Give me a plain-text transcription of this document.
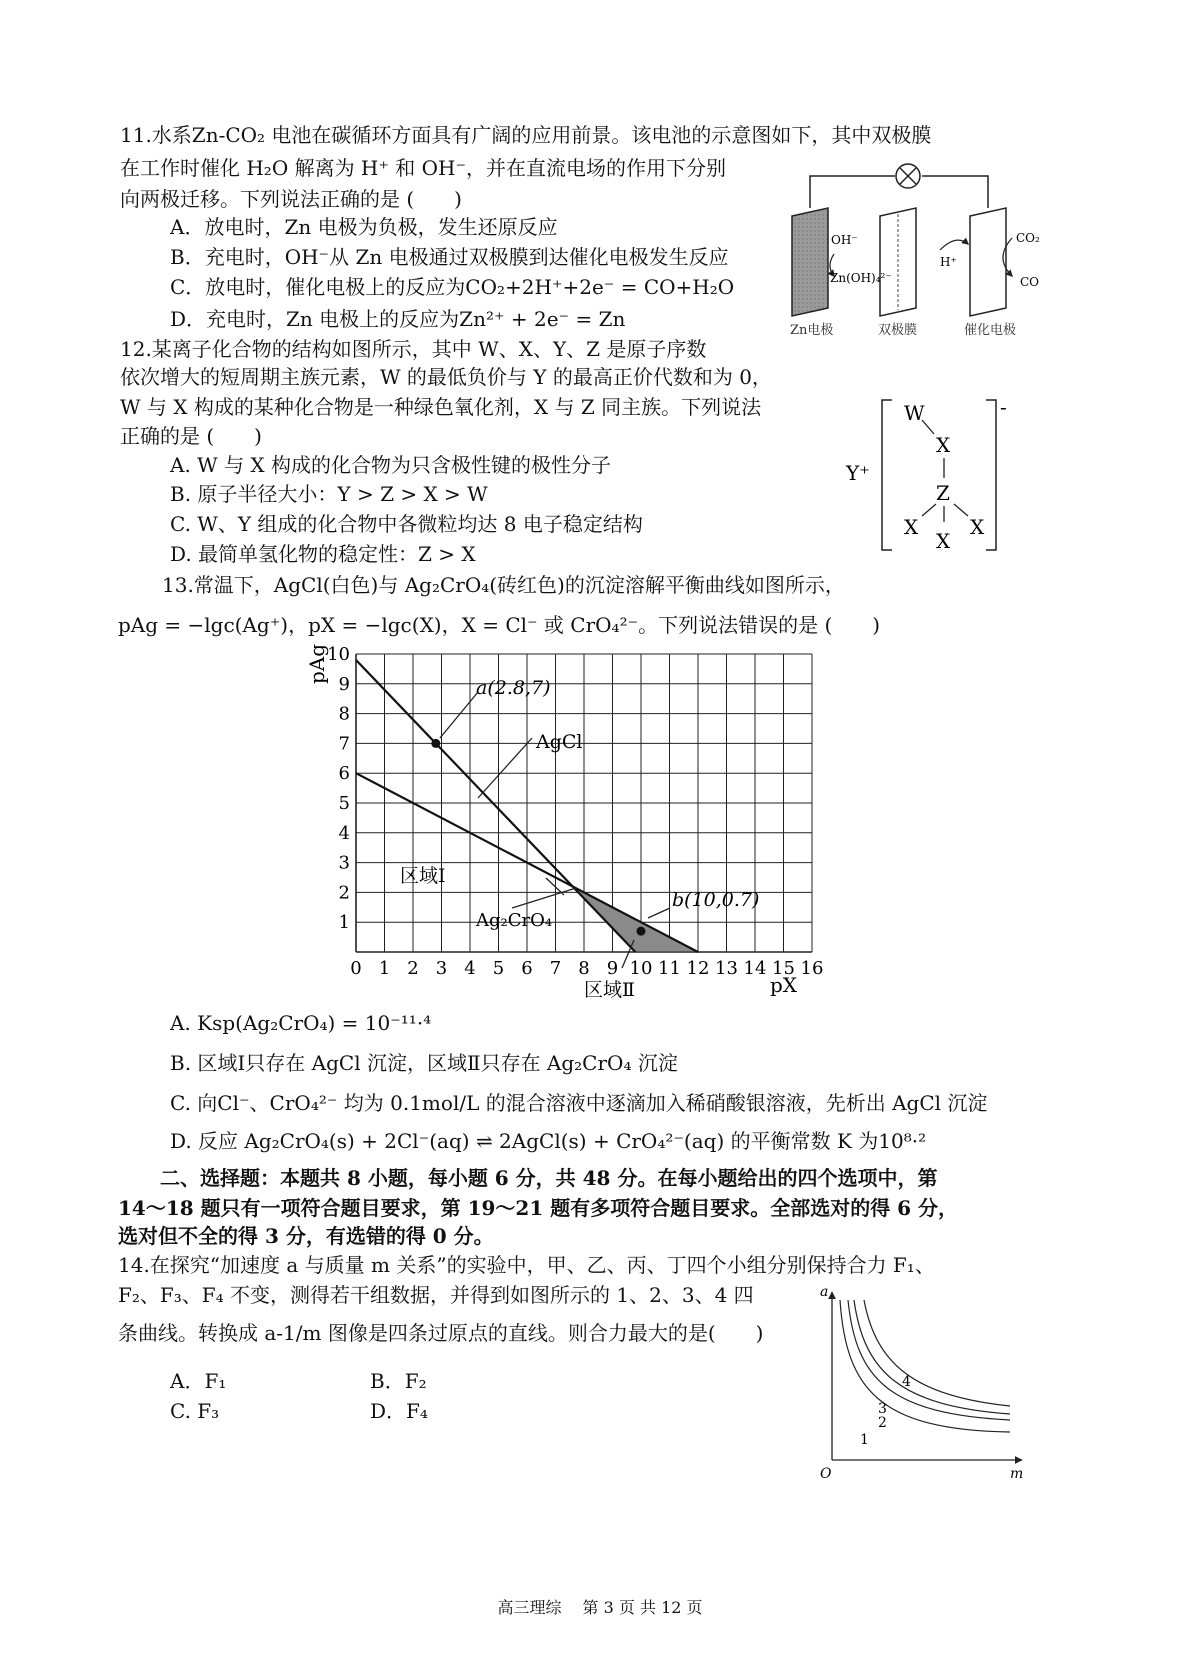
11.水系Zn-CO₂ 电池在碳循环方面具有广阔的应用前景。该电池的示意图如下，其中双极膜
在工作时催化 H₂O 解离为 H⁺ 和 OH⁻，并在直流电场的作用下分别
向两极迁移。下列说法正确的是 (　　)
A．放电时，Zn 电极为负极，发生还原反应
B．充电时，OH⁻从 Zn 电极通过双极膜到达催化电极发生反应
C．放电时，催化电极上的反应为CO₂+2H⁺+2e⁻ = CO+H₂O
D．充电时，Zn 电极上的反应为Zn²⁺ + 2e⁻ = Zn
OH⁻
Zn(OH)₄²⁻
H⁺
CO₂
CO
Zn电极	双极膜	催化电极
12.某离子化合物的结构如图所示，其中 W、X、Y、Z 是原子序数
依次增大的短周期主族元素，W 的最低负价与 Y 的最高正价代数和为 0，
W 与 X 构成的某种化合物是一种绿色氧化剂，X 与 Z 同主族。下列说法
正确的是 (　　)
A. W 与 X 构成的化合物为只含极性键的极性分子
B. 原子半径大小：Y > Z > X > W
C. W、Y 组成的化合物中各微粒均达 8 电子稳定结构
D. 最简单氢化物的稳定性：Z > X
Y⁺
-
W
X
Z
X
X
X
13.常温下，AgCl(白色)与 Ag₂CrO₄(砖红色)的沉淀溶解平衡曲线如图所示，
pAg = −lgc(Ag⁺)，pX = −lgc(X)，X = Cl⁻ 或 CrO₄²⁻。下列说法错误的是 (　　)
0 1 2 3 4 5 6 7 8 9 10 11 12 13 14 15 16
1
2
3
4
5
6
7
8
9
10
pAg
pX
a(2.8,7)
AgCl
区域Ⅰ
Ag₂CrO₄
b(10,0.7)
区域Ⅱ
A. Ksp(Ag₂CrO₄) = 10⁻¹¹·⁴
B. 区域Ⅰ只存在 AgCl 沉淀，区域Ⅱ只存在 Ag₂CrO₄ 沉淀
C. 向Cl⁻、CrO₄²⁻ 均为 0.1mol/L 的混合溶液中逐滴加入稀硝酸银溶液，先析出 AgCl 沉淀
D. 反应 Ag₂CrO₄(s) + 2Cl⁻(aq) ⇌ 2AgCl(s) + CrO₄²⁻(aq) 的平衡常数 K 为10⁸·²
二、选择题：本题共 8 小题，每小题 6 分，共 48 分。在每小题给出的四个选项中，第
14～18 题只有一项符合题目要求，第 19～21 题有多项符合题目要求。全部选对的得 6 分，
选对但不全的得 3 分，有选错的得 0 分。
14.在探究“加速度 a 与质量 m 关系”的实验中，甲、乙、丙、丁四个小组分别保持合力 F₁、
F₂、F₃、F₄ 不变，测得若干组数据，并得到如图所示的 1、2、3、4 四
条曲线。转换成 a-1/m 图像是四条过原点的直线。则合力最大的是(　　)
A．F₁	B．F₂
C. F₃	D．F₄
a
m
O
1
2
3
4
高三理综　 第 3 页 共 12 页
